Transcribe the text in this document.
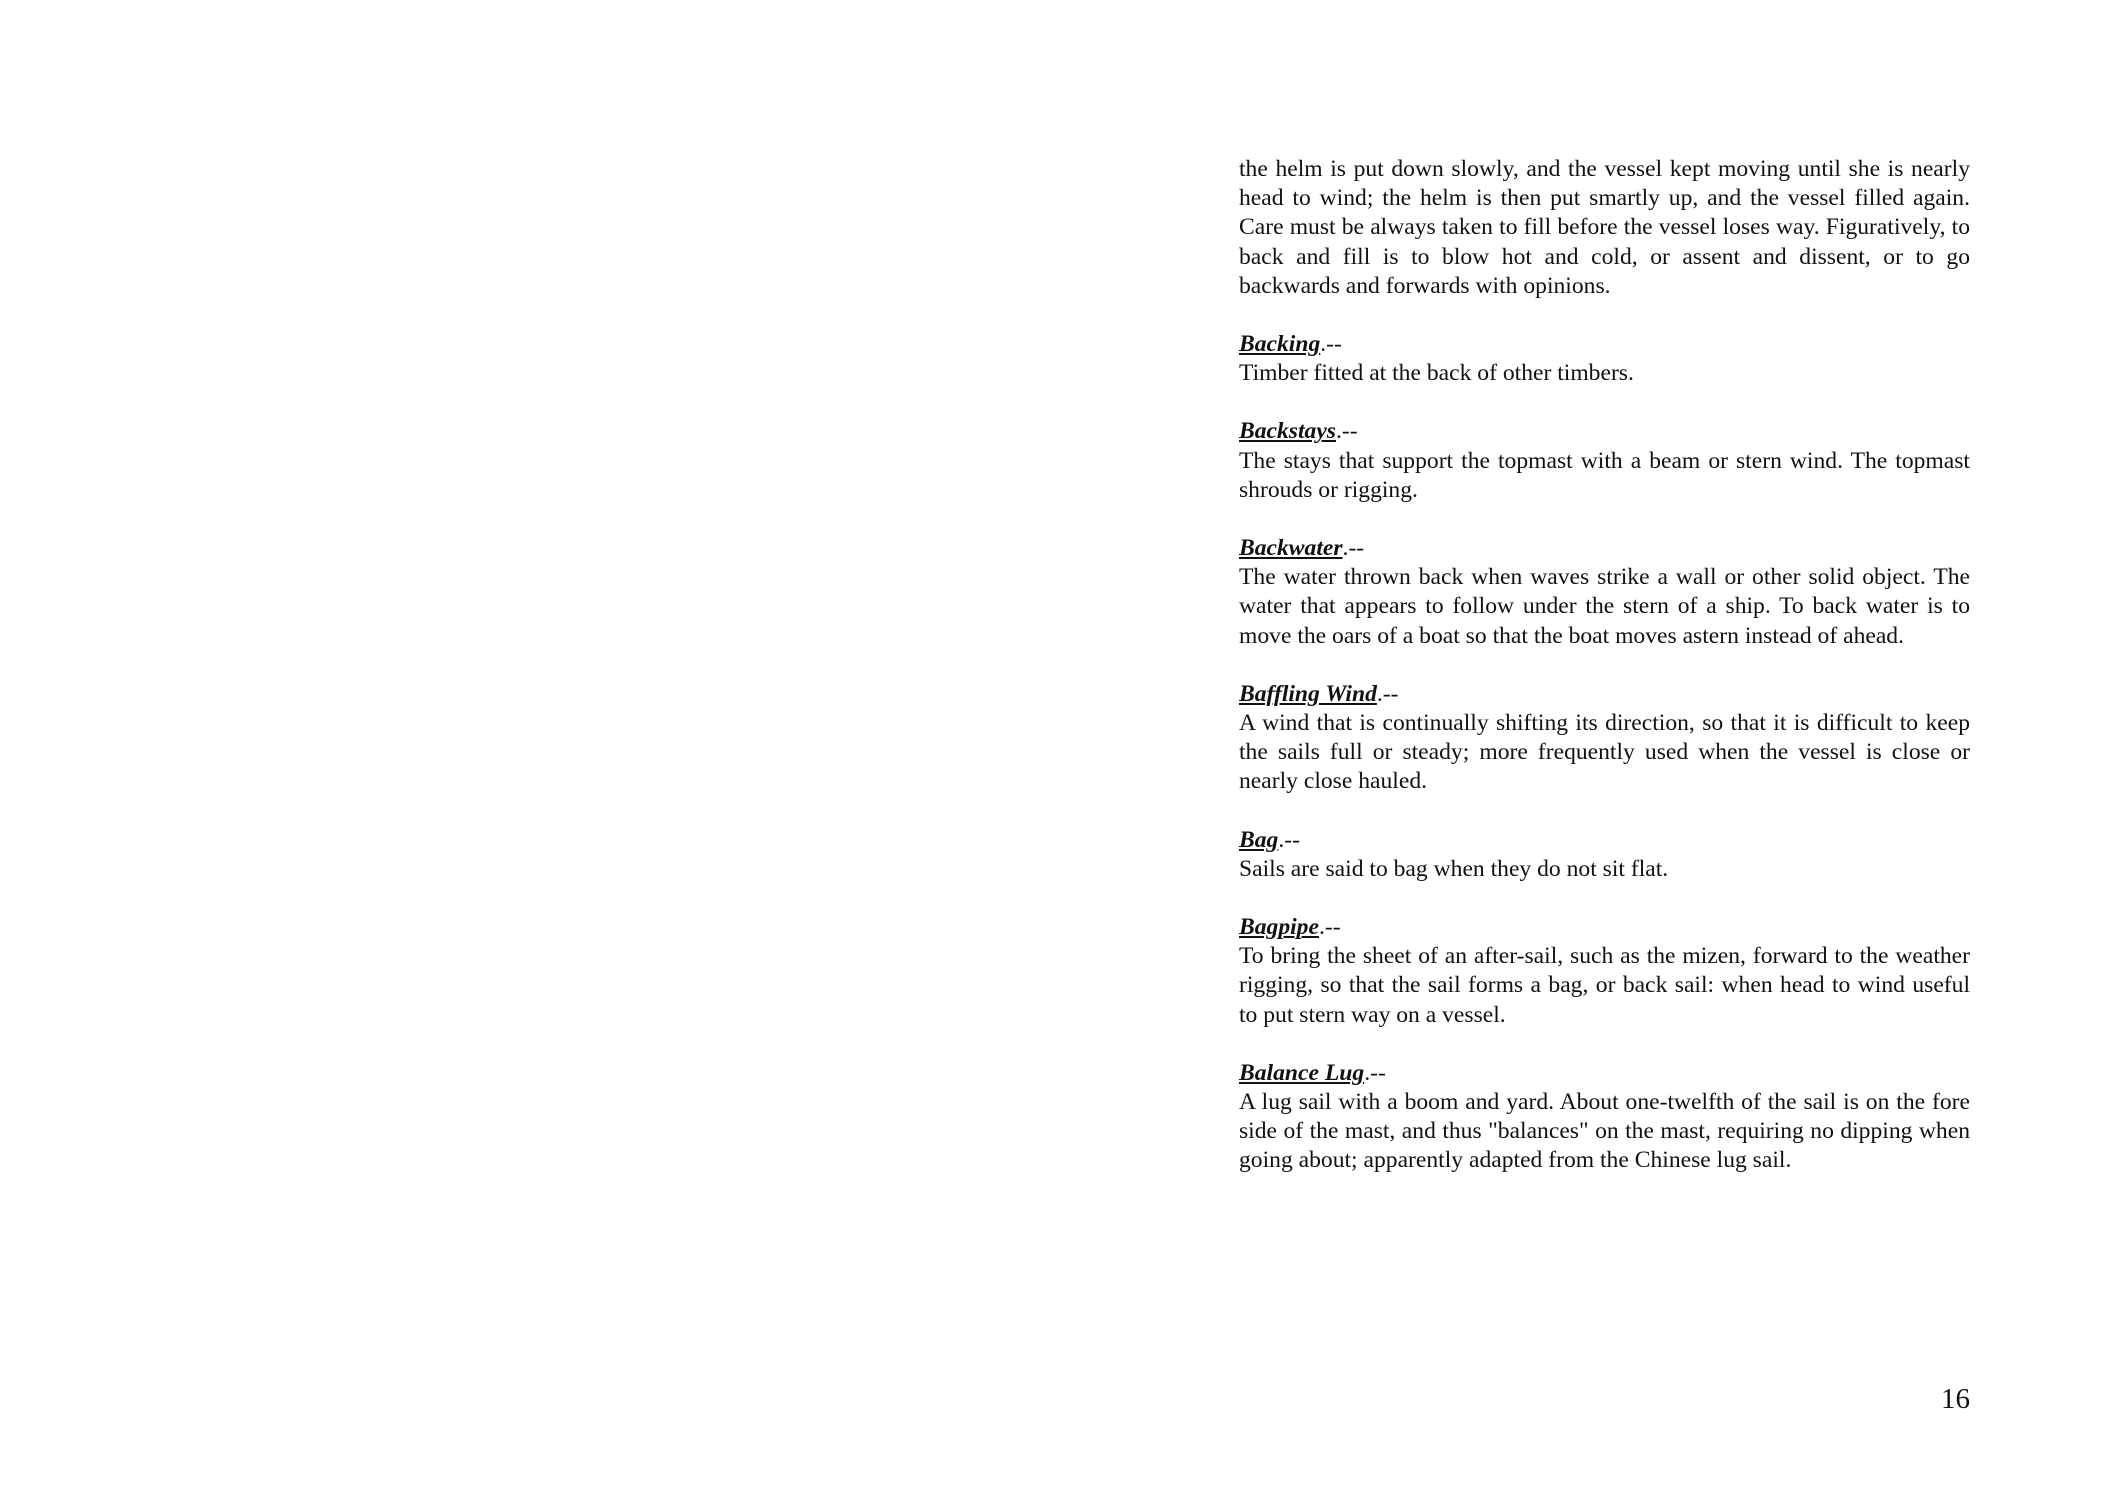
the helm is put down slowly, and the vessel kept moving until she is nearly head to wind; the helm is then put smartly up, and the vessel filled again. Care must be always taken to fill before the vessel loses way. Figuratively, to back and fill is to blow hot and cold, or assent and dissent, or to go backwards and forwards with opinions.

Backing.--

Timber fitted at the back of other timbers.

Backstays.--

The stays that support the topmast with a beam or stern wind. The topmast shrouds or rigging.

Backwater.--

The water thrown back when waves strike a wall or other solid object. The water that appears to follow under the stern of a ship. To back water is to move the oars of a boat so that the boat moves astern instead of ahead.

Baffling Wind.--

A wind that is continually shifting its direction, so that it is difficult to keep the sails full or steady; more frequently used when the vessel is close or nearly close hauled.

Bag.--

Sails are said to bag when they do not sit flat.

Bagpipe.--

To bring the sheet of an after-sail, such as the mizen, forward to the weather rigging, so that the sail forms a bag, or back sail: when head to wind useful to put stern way on a vessel.

Balance Lug.--

A lug sail with a boom and yard. About one-twelfth of the sail is on the fore side of the mast, and thus "balances" on the mast, requiring no dipping when going about; apparently adapted from the Chinese lug sail.

16
